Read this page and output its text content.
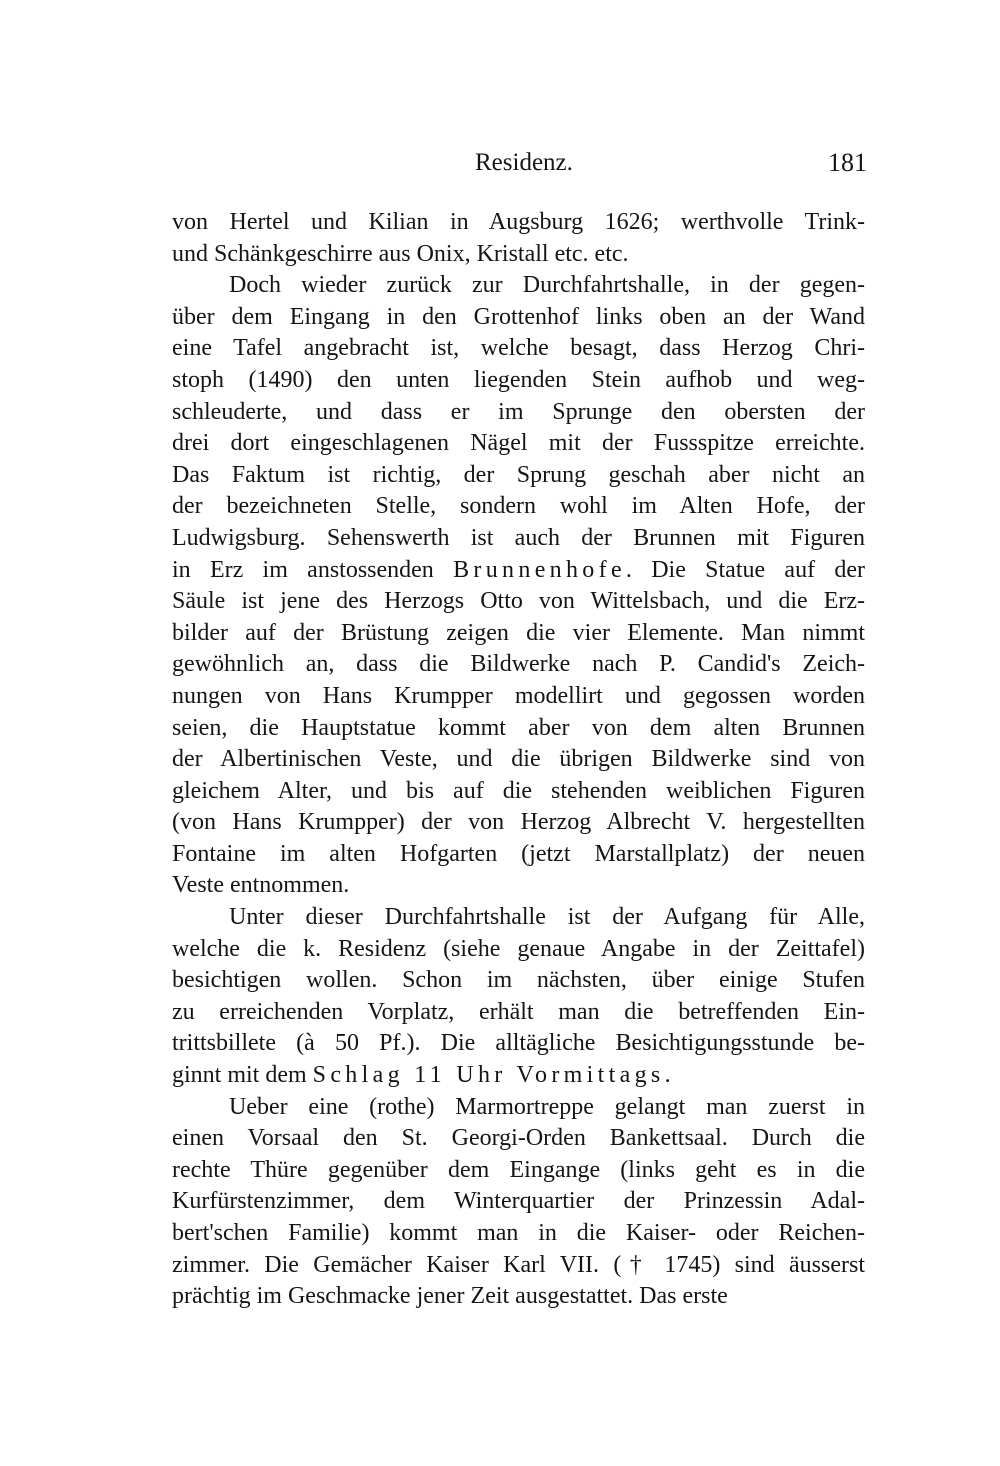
Residenz.	181
von Hertel und Kilian in Augsburg 1626; werthvolle Trink-
und Schänkgeschirre aus Onix, Kristall etc. etc.
Doch wieder zurück zur Durchfahrtshalle, in der gegen-
über dem Eingang in den Grottenhof links oben an der Wand
eine Tafel angebracht ist, welche besagt, dass Herzog Chri-
stoph (1490) den unten liegenden Stein aufhob und weg-
schleuderte, und dass er im Sprunge den obersten der
drei dort eingeschlagenen Nägel mit der Fussspitze erreichte.
Das Faktum ist richtig, der Sprung geschah aber nicht an
der bezeichneten Stelle, sondern wohl im Alten Hofe, der
Ludwigsburg. Sehenswerth ist auch der Brunnen mit Figuren
in Erz im anstossenden Brunnenhofe. Die Statue auf der
Säule ist jene des Herzogs Otto von Wittelsbach, und die Erz-
bilder auf der Brüstung zeigen die vier Elemente. Man nimmt
gewöhnlich an, dass die Bildwerke nach P. Candid's Zeich-
nungen von Hans Krumpper modellirt und gegossen worden
seien, die Hauptstatue kommt aber von dem alten Brunnen
der Albertinischen Veste, und die übrigen Bildwerke sind von
gleichem Alter, und bis auf die stehenden weiblichen Figuren
(von Hans Krumpper) der von Herzog Albrecht V. hergestellten
Fontaine im alten Hofgarten (jetzt Marstallplatz) der neuen
Veste entnommen.
Unter dieser Durchfahrtshalle ist der Aufgang für Alle,
welche die k. Residenz (siehe genaue Angabe in der Zeittafel)
besichtigen wollen. Schon im nächsten, über einige Stufen
zu erreichenden Vorplatz, erhält man die betreffenden Ein-
trittsbillete (à 50 Pf.). Die alltägliche Besichtigungsstunde be-
ginnt mit dem Schlag 11 Uhr Vormittags.
Ueber eine (rothe) Marmortreppe gelangt man zuerst in
einen Vorsaal den St. Georgi-Orden Bankettsaal. Durch die
rechte Thüre gegenüber dem Eingange (links geht es in die
Kurfürstenzimmer, dem Winterquartier der Prinzessin Adal-
bert'schen Familie) kommt man in die Kaiser- oder Reichen-
zimmer. Die Gemächer Kaiser Karl VII. († 1745) sind äusserst
prächtig im Geschmacke jener Zeit ausgestattet. Das erste
